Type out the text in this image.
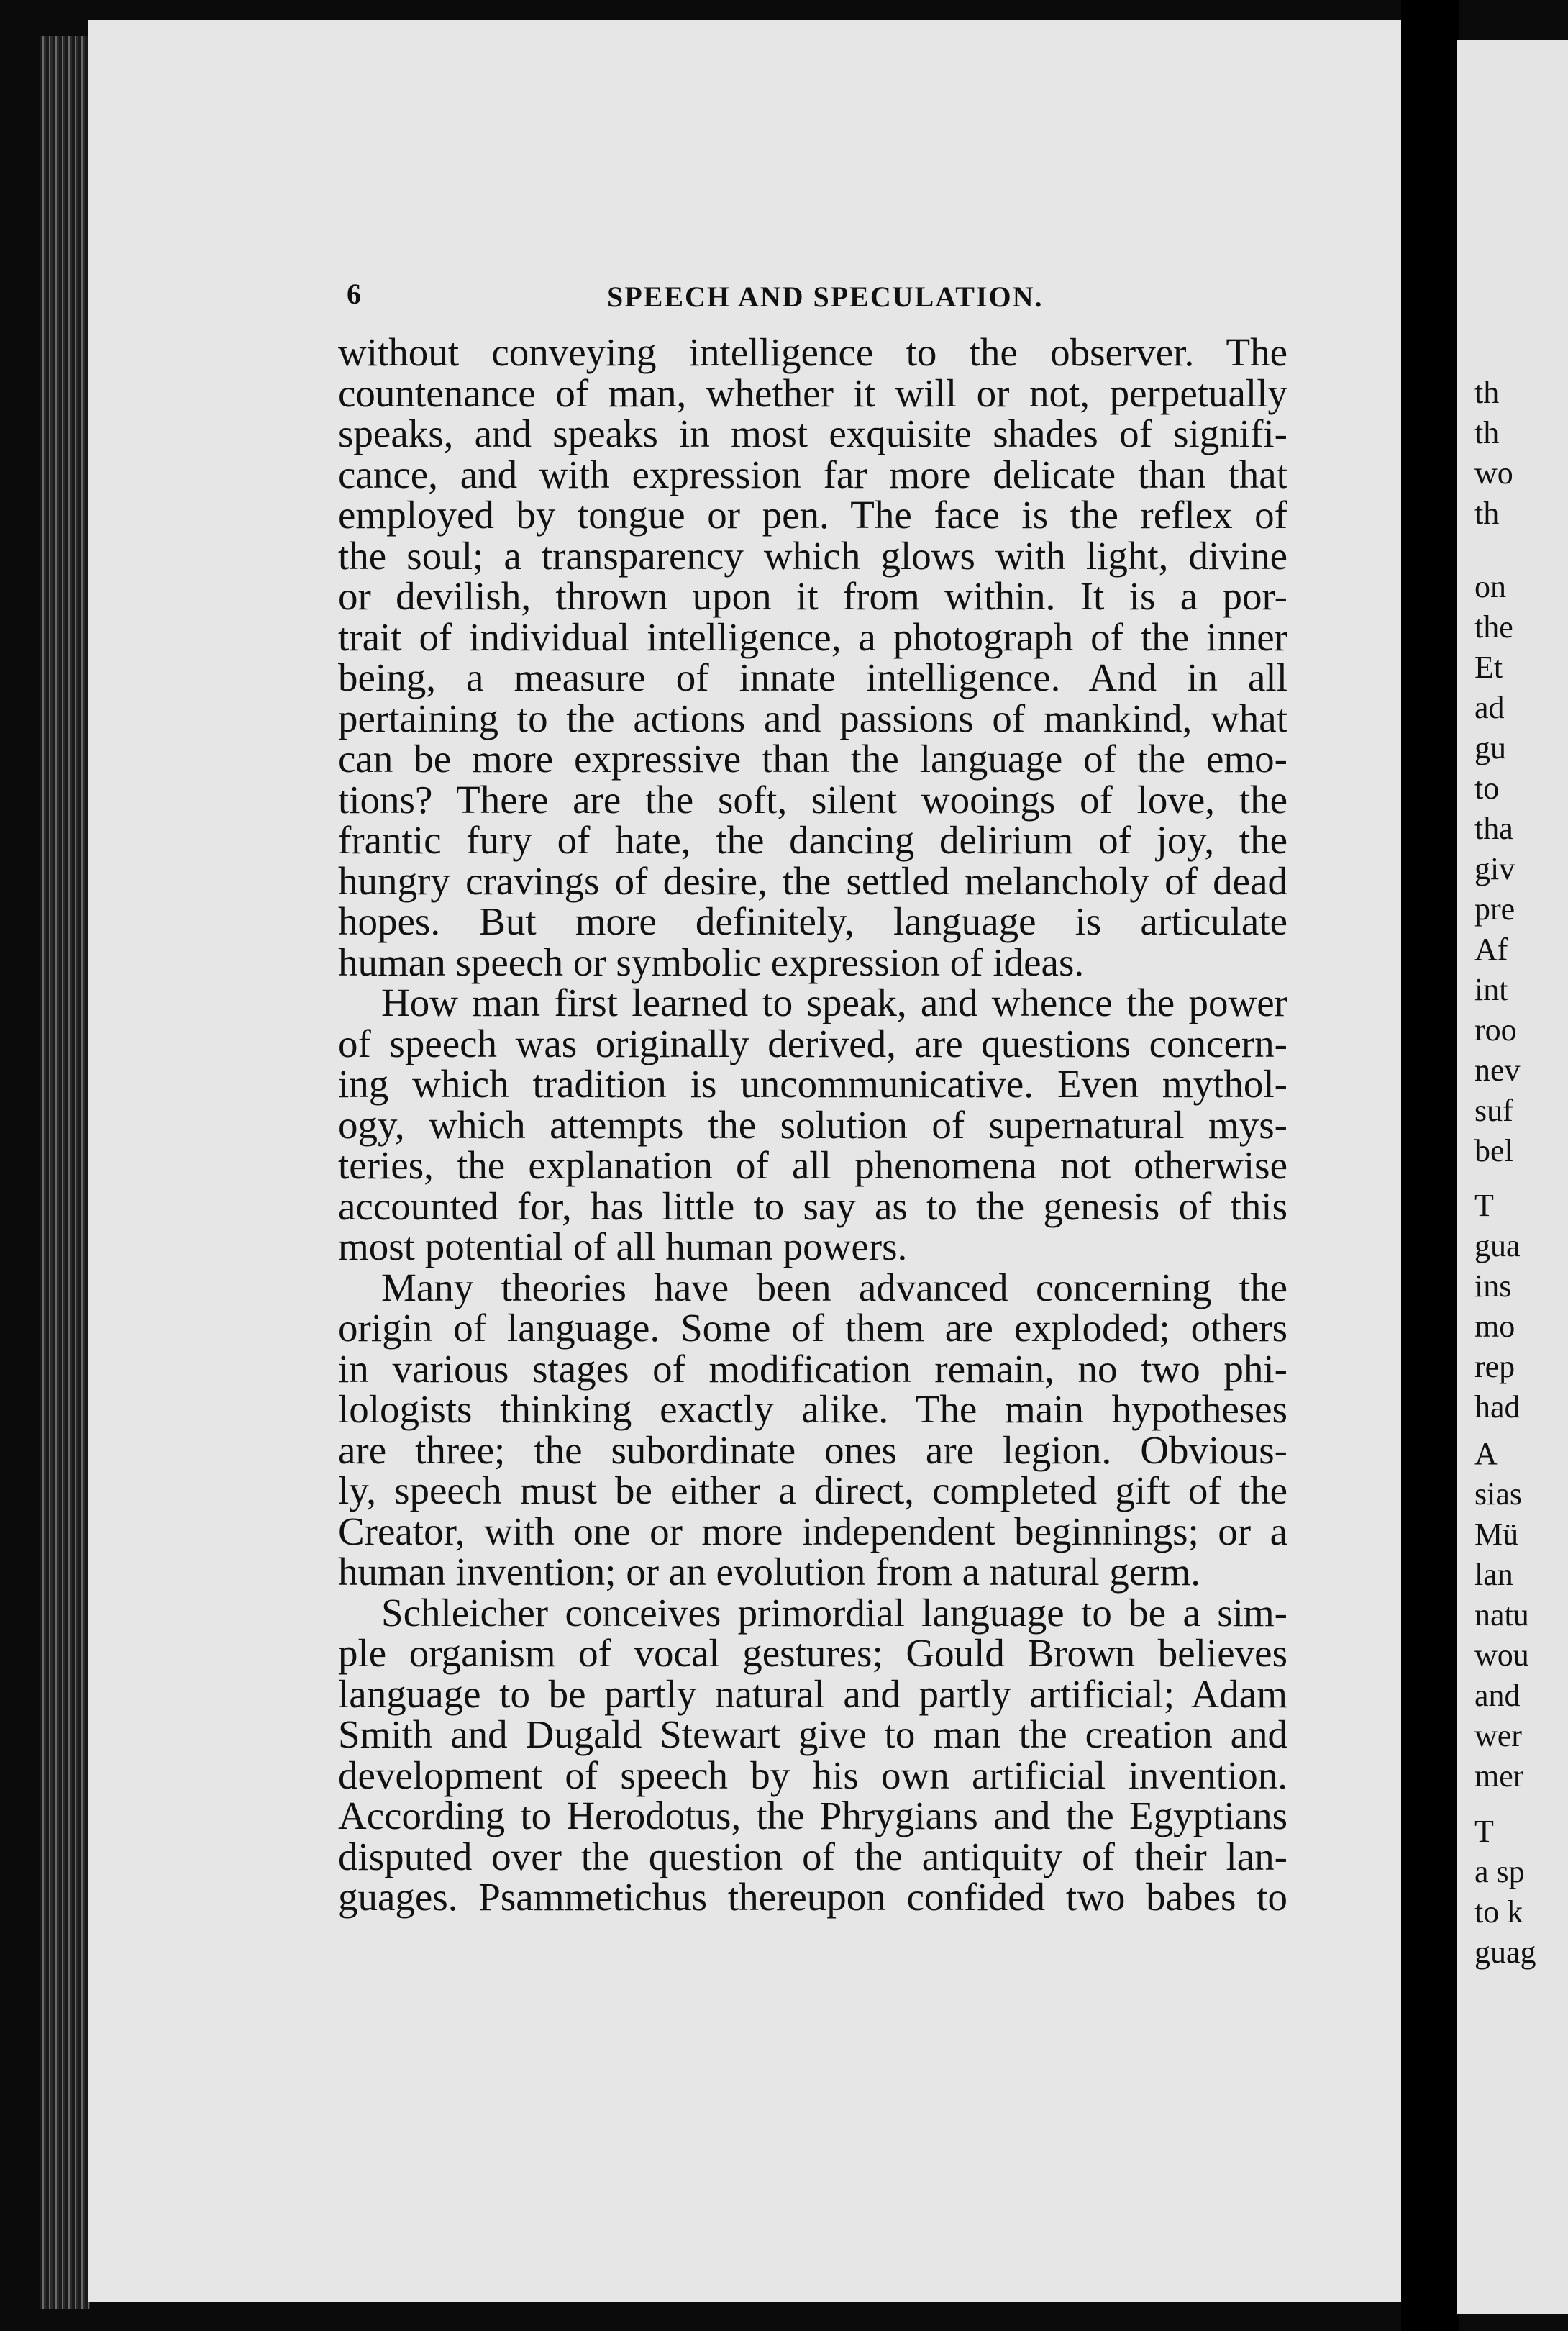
6	SPEECH AND SPECULATION.
without conveying intelligence to the observer. The
countenance of man, whether it will or not, perpetually
speaks, and speaks in most exquisite shades of signifi-
cance, and with expression far more delicate than that
employed by tongue or pen. The face is the reflex of
the soul; a transparency which glows with light, divine
or devilish, thrown upon it from within. It is a por-
trait of individual intelligence, a photograph of the inner
being, a measure of innate intelligence. And in all
pertaining to the actions and passions of mankind, what
can be more expressive than the language of the emo-
tions? There are the soft, silent wooings of love, the
frantic fury of hate, the dancing delirium of joy, the
hungry cravings of desire, the settled melancholy of dead
hopes. But more definitely, language is articulate
human speech or symbolic expression of ideas.
How man first learned to speak, and whence the power
of speech was originally derived, are questions concern-
ing which tradition is uncommunicative. Even mythol-
ogy, which attempts the solution of supernatural mys-
teries, the explanation of all phenomena not otherwise
accounted for, has little to say as to the genesis of this
most potential of all human powers.
Many theories have been advanced concerning the
origin of language. Some of them are exploded; others
in various stages of modification remain, no two phi-
lologists thinking exactly alike. The main hypotheses
are three; the subordinate ones are legion. Obvious-
ly, speech must be either a direct, completed gift of the
Creator, with one or more independent beginnings; or a
human invention; or an evolution from a natural germ.
Schleicher conceives primordial language to be a sim-
ple organism of vocal gestures; Gould Brown believes
language to be partly natural and partly artificial; Adam
Smith and Dugald Stewart give to man the creation and
development of speech by his own artificial invention.
According to Herodotus, the Phrygians and the Egyptians
disputed over the question of the antiquity of their lan-
guages. Psammetichus thereupon confided two babes to
th
th
wo
th
on
the
Et
ad
gu
to
tha
giv
pre
Af
int
roo
nev
suf
bel
T
gua
ins
mo
rep
had
A
sias
Mü
lan
natu
wou
and
wer
mer
T
a sp
to k
guag
